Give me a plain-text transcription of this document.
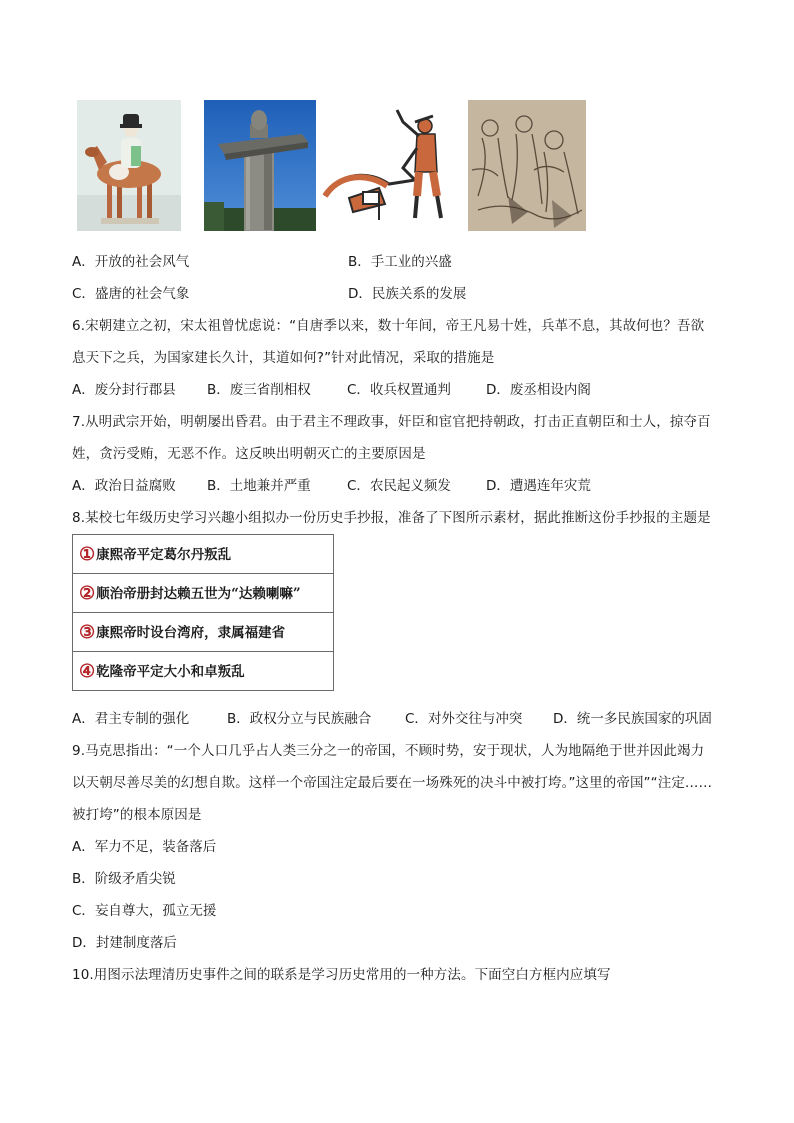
A．开放的社会风气	B．手工业的兴盛
C．盛唐的社会气象	D．民族关系的发展
6.宋朝建立之初，宋太祖曾忧虑说：“自唐季以来，数十年间，帝王凡易十姓，兵革不息，其故何也？吾欲
息天下之兵，为国家建长久计，其道如何?”针对此情况，采取的措施是
A．废分封行郡县 B．废三省削相权	C．收兵权置通判	D．废丞相设内阁
7.从明武宗开始，明朝屡出昏君。由于君主不理政事，奸臣和宦官把持朝政，打击正直朝臣和士人，掠夺百
姓，贪污受贿，无恶不作。这反映出明朝灭亡的主要原因是
A．政治日益腐败 B．土地兼并严重	C．农民起义频发	D．遭遇连年灾荒
8.某校七年级历史学习兴趣小组拟办一份历史手抄报，准备了下图所示素材，据此推断这份手抄报的主题是
①康熙帝平定葛尔丹叛乱
②顺治帝册封达赖五世为“达赖喇嘛”
③康熙帝时设台湾府，隶属福建省
④乾隆帝平定大小和卓叛乱
A．君主专制的强化	B．政权分立与民族融合 C．对外交往与冲突 D．统一多民族国家的巩固
9.马克思指出：“一个人口几乎占人类三分之一的帝国，不顾时势，安于现状，人为地隔绝于世并因此竭力
以天朝尽善尽美的幻想自欺。这样一个帝国注定最后要在一场殊死的决斗中被打垮。”这里的帝国”“注定……
被打垮”的根本原因是
A．军力不足，装备落后
B．阶级矛盾尖锐
C．妄自尊大，孤立无援
D．封建制度落后
10.用图示法理清历史事件之间的联系是学习历史常用的一种方法。下面空白方框内应填写
